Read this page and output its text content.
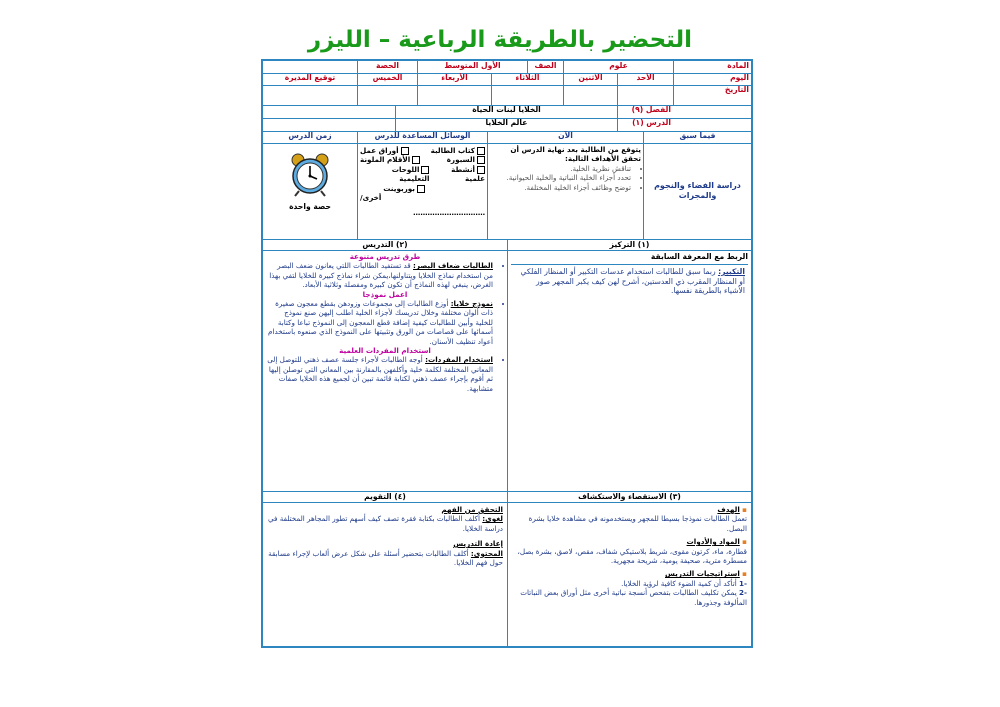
التحضير بالطريقة الرباعية – الليزر
المادة
علوم
الصف
الأول المتوسط
الحصة
اليوم
الأحد
الاثنين
الثلاثاء
الأربعاء
الخميس
توقيع المديرة
التاريخ
الفصل (٩)
الخلايا لبنات الحياة
الدرس (١)
عالم الخلايا
فيما سبق
الآن
الوسائل المساعدة للدرس
زمن الدرس
دراسة الفضاء والنجوم والمجرات
يتوقع من الطالبة بعد نهاية الدرس أن تحقق الأهداف التالية:
• تناقش نظرية الخلية.
• تحدد أجزاء الخلية النباتية والخلية الحيوانية.
• توضح وظائف أجزاء الخلية المختلفة.
كتاب الطالبة
أوراق عمل
السبورة
الأقلام الملونة
أنشطة علمية
اللوحات التعليمية
بوربوينت
أخرى/
…………………………
حصة واحدة
(١) التركيز
الربط مع المعرفة السابقة
التكبير: ربما سبق للطالبات استخدام عدسات التكبير أو المنظار الفلكي أو المنظار المقرب ذي العدستين، أشرح لهن كيف يكبر المجهر صور الأشياء بالطريقة نفسها.
(٢) التدريس
طرق تدريس متنوعة
• الطالبات ضعاف البصر: قد تستفيد الطالبات اللتي يعانون ضعف البصر من استخدام نماذج الخلايا ويتناولنها،يمكن شراء نماذج كبيرة للخلايا لتفي بهذا الغرض، ينبغي لهذه النماذج أن تكون كبيرة ومفصلة وثلاثية الأبعاد.
اعمل نموذجا
• نموذج خلايا: أوزع الطالبات إلى مجموعات وزودهن بقطع معجون صغيرة ذات ألوان مختلفة وخلال تدريسك لأجزاء الخلية اطلب إليهن صنع نموذج للخلية وأبين للطالبات كيفية إضافة قطع المعجون إلى النموذج تباعا وكتابة أسمائها على قصاصات من الورق وتثبيتها على النموذج الذي صنعوه باستخدام أعواد تنظيف الأسنان.
استخدام المفردات العلمية
• استخدام المفردات: أوجه الطالبات لأجراء جلسة عصف ذهني للتوصل إلى المعاني المختلفة لكلمة خلية وأكلفهن بالمقارنة بين المعاني التي توصلن إليها ثم أقوم بإجراء عصف ذهني لكتابة قائمة تبين أن لجميع هذه الخلايا صفات متشابهة.
(٣) الاستقصاء والاستكشاف
▪ الهدف
تعمل الطالبات نموذجا بسيطا للمجهر ويستخدمونه في مشاهدة خلايا بشرة البصل.
▪ المواد والأدوات
قطارة، ماء، كرتون مقوى، شريط بلاستيكي شفاف، مقص، لاصق، بشرة بصل، مسطرة مترية، صحيفة يومية، شريحة مجهرية.
▪ استراتيجيات التدريس
-1 أتأكد أن كمية الضوء كافية لرؤية الخلايا.
-2 يمكن تكليف الطالبات بتفحص أنسجة نباتية أخرى مثل أوراق بعض النباتات المألوفة وجذورها.
(٤) التقويم
التحقق من الفهم
لغوي: أكلف الطالبات بكتابة فقرة تصف كيف أسهم تطور المجاهر المختلفة في دراسة الخلايا.
إعادة التدريس
المحتوى: أكلف الطالبات بتحضير أسئلة على شكل عرض ألعاب لإجراء مسابقة حول فهم الخلايا.
